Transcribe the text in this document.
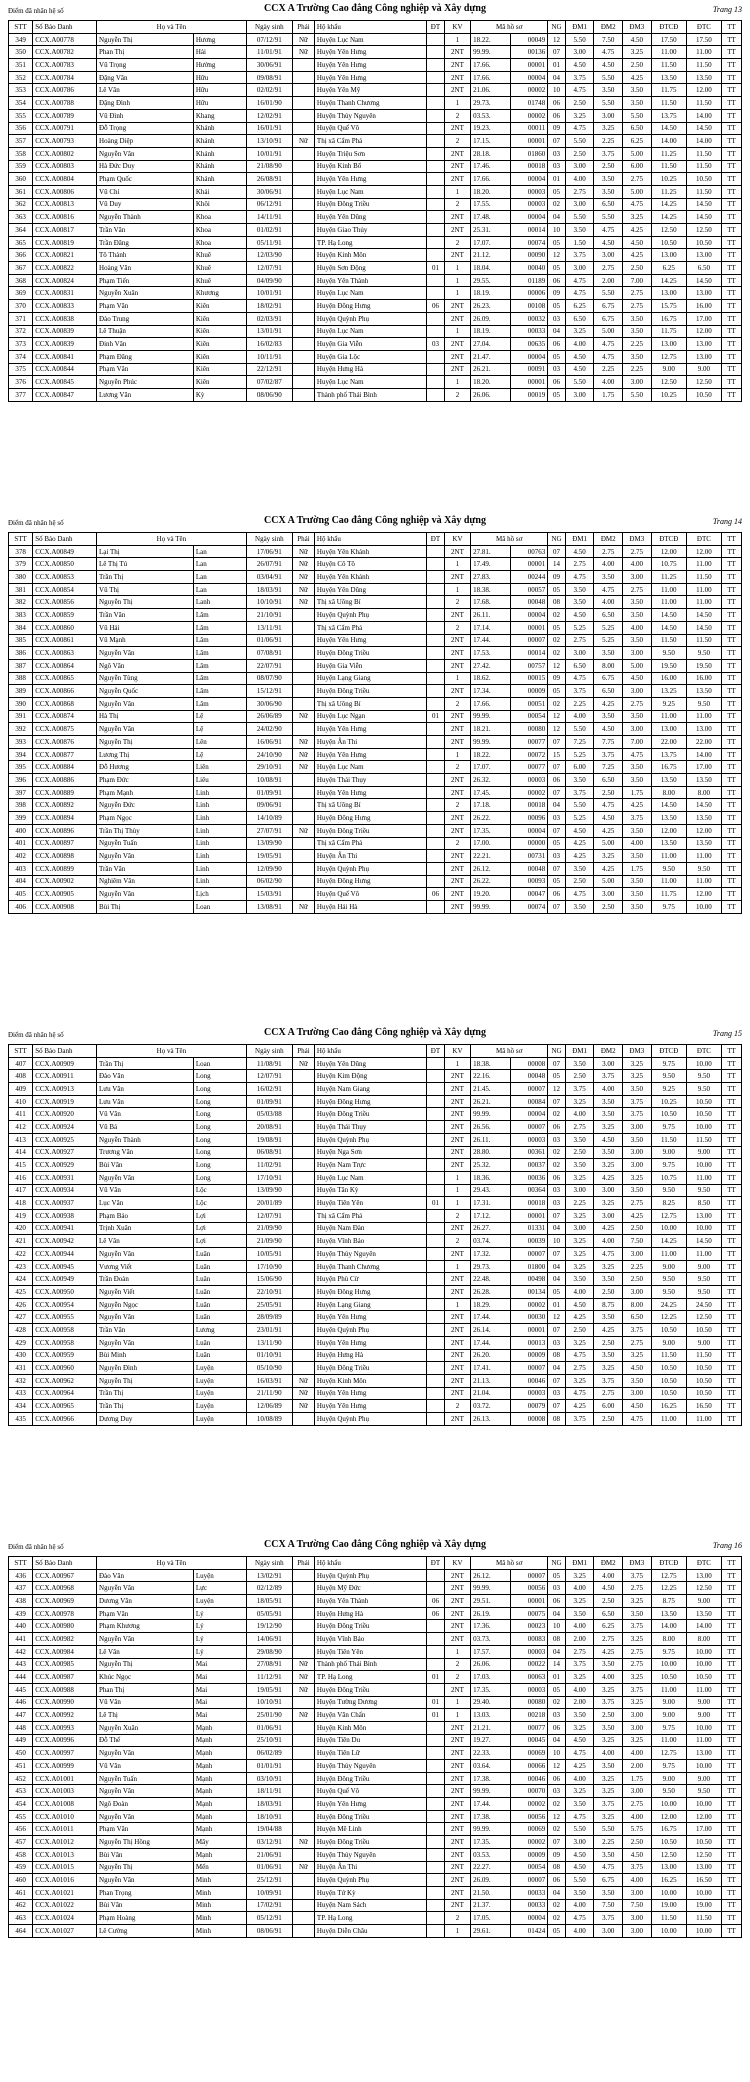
Điểm đã nhân hệ số	CCX A Trường Cao đẳng Công nghiệp và Xây dựng	Trang 13
STT	Số Báo Danh	Họ và Tên		Ngày sinh	Phái	Hộ khẩu	ĐT	KV	Mã hồ sơ		NG	ĐM1	ĐM2	ĐM3	ĐTCĐ	ĐTC	TT
349	CCX.A00778	Nguyễn Thị	Hương	07/12/91	Nữ	Huyện Lục Nam		1	18.22.	00049	12	5.50	7.50	4.50	17.50	17.50	TT
350	CCX.A00782	Phan Thị	Hải	11/01/91	Nữ	Huyện Yên Hưng		2NT	99.99.	00136	07	3.00	4.75	3.25	11.00	11.00	TT
351	CCX.A00783	Vũ Trọng	Hưởng	30/06/91		Huyện Yên Hưng		2NT	17.66.	00001	01	4.50	4.50	2.50	11.50	11.50	TT
352	CCX.A00784	Đặng Văn	Hữu	09/08/91		Huyện Yên Hưng		2NT	17.66.	00004	04	3.75	5.50	4.25	13.50	13.50	TT
353	CCX.A00786	Lê Văn	Hữu	02/02/91		Huyện Yên Mỹ		2NT	21.06.	00002	10	4.75	3.50	3.50	11.75	12.00	TT
354	CCX.A00788	Đặng Đình	Hữu	16/01/90		Huyện Thanh Chương		1	29.73.	01748	06	2.50	5.50	3.50	11.50	11.50	TT
355	CCX.A00789	Vũ Đình	Khang	12/02/91		Huyện Thủy Nguyên		2	03.53.	00002	06	3.25	3.00	5.50	13.75	14.00	TT
356	CCX.A00791	Đỗ Trọng	Khánh	16/01/91		Huyện Quế Võ		2NT	19.23.	00011	09	4.75	3.25	6.50	14.50	14.50	TT
357	CCX.A00793	Hoàng Diệp	Khánh	13/10/91	Nữ	Thị xã Cẩm Phả		2	17.15.	00001	07	5.50	2.25	6.25	14.00	14.00	TT
358	CCX.A00802	Nguyễn Văn	Khánh	10/01/91		Huyện Triệu Sơn		2NT	28.18.	01860	03	2.50	3.75	5.00	11.25	11.50	TT
359	CCX.A00803	Hà Đức Duy	Khánh	21/08/90		Huyện Kinh Bổ		2NT	17.46.	00018	03	3.00	2.50	6.00	11.50	11.50	TT
360	CCX.A00804	Phạm Quốc	Khánh	26/08/91		Huyện Yên Hưng		2NT	17.66.	00004	01	4.00	3.50	2.75	10.25	10.50	TT
361	CCX.A00806	Vũ Chí	Khải	30/06/91		Huyện Lục Nam		1	18.20.	00003	05	2.75	3.50	5.00	11.25	11.50	TT
362	CCX.A00813	Vũ Duy	Khôi	06/12/91		Huyện Đông Triều		2	17.55.	00003	02	3.00	6.50	4.75	14.25	14.50	TT
363	CCX.A00816	Nguyễn Thành	Khoa	14/11/91		Huyện Yên Dũng		2NT	17.48.	00004	04	5.50	5.50	3.25	14.25	14.50	TT
364	CCX.A00817	Trần Văn	Khoa	01/02/91		Huyện Giao Thủy		2NT	25.31.	00014	10	3.50	4.75	4.25	12.50	12.50	TT
365	CCX.A00819	Trần Đăng	Khoa	05/11/91		TP. Hạ Long		2	17.07.	00074	05	1.50	4.50	4.50	10.50	10.50	TT
366	CCX.A00821	Tô Thành	Khuê	12/03/90		Huyện Kinh Môn		2NT	21.12.	00090	12	3.75	3.00	4.25	13.00	13.00	TT
367	CCX.A00822	Hoàng Văn	Khuê	12/07/91		Huyện Sơn Động	01	1	18.04.	00040	05	3.00	2.75	2.50	6.25	6.50	TT
368	CCX.A00824	Phạm Tiến	Khuê	04/09/90		Huyện Yên Thành		1	29.55.	01189	06	4.75	2.00	7.00	14.25	14.50	TT
369	CCX.A00831	Nguyễn Xuân	Khương	10/01/91		Huyện Lục Nam		1	18.19.	00006	09	4.75	5.50	2.75	13.00	13.00	TT
370	CCX.A00833	Phạm Văn	Kiên	18/02/91		Huyện Đông Hưng	06	2NT	26.23.	00108	05	6.25	6.75	2.75	15.75	16.00	TT
371	CCX.A00838	Đào Trung	Kiên	02/03/91		Huyện Quỳnh Phụ		2NT	26.09.	00032	03	6.50	6.75	3.50	16.75	17.00	TT
372	CCX.A00839	Lê Thuận	Kiên	13/01/91		Huyện Lục Nam		1	18.19.	00033	04	3.25	5.00	3.50	11.75	12.00	TT
373	CCX.A00839	Đinh Văn	Kiên	16/02/83		Huyện Gia Viễn	03	2NT	27.04.	00635	06	4.00	4.75	2.25	13.00	13.00	TT
374	CCX.A00841	Phạm Đăng	Kiên	10/11/91		Huyện Gia Lộc		2NT	21.47.	00004	05	4.50	4.75	3.50	12.75	13.00	TT
375	CCX.A00844	Phạm Văn	Kiên	22/12/91		Huyện Hưng Hà		2NT	26.21.	00091	03	4.50	2.25	2.25	9.00	9.00	TT
376	CCX.A00845	Nguyễn Phúc	Kiên	07/02/87		Huyện Lục Nam		1	18.20.	00001	06	5.50	4.00	3.00	12.50	12.50	TT
377	CCX.A00847	Lương Văn	Kỳ	08/06/90		Thành phố Thái Bình		2	26.06.	00019	05	3.00	1.75	5.50	10.25	10.50	TT
Điểm đã nhân hệ số	CCX A Trường Cao đẳng Công nghiệp và Xây dựng	Trang 14
STT	Số Báo Danh	Họ và Tên		Ngày sinh	Phái	Hộ khẩu	ĐT	KV	Mã hồ sơ		NG	ĐM1	ĐM2	ĐM3	ĐTCĐ	ĐTC	TT
378	CCX.A00849	Lại Thị	Lan	17/06/91	Nữ	Huyện Yên Khánh		2NT	27.81.	00763	07	4.50	2.75	2.75	12.00	12.00	TT
379	CCX.A00850	Lê Thị Tú	Lan	26/07/91	Nữ	Huyện Cô Tô		1	17.49.	00001	14	2.75	4.00	4.00	10.75	11.00	TT
380	CCX.A00853	Trần Thị	Lan	03/04/91	Nữ	Huyện Yên Khánh		2NT	27.83.	00244	09	4.75	3.50	3.00	11.25	11.50	TT
381	CCX.A00854	Vũ Thị	Lan	18/03/91	Nữ	Huyện Yên Dũng		1	18.38.	00057	05	3.50	4.75	2.75	11.00	11.00	TT
382	CCX.A00856	Nguyễn Thị	Lanh	10/10/91	Nữ	Thị xã Uông Bí		2	17.68.	00048	08	3.50	4.00	3.50	11.00	11.00	TT
383	CCX.A00859	Trần Văn	Lâm	21/10/91		Huyện Quỳnh Phụ		2NT	26.11.	00004	02	4.50	6.50	3.50	14.50	14.50	TT
384	CCX.A00860	Vũ Hải	Lâm	13/11/91		Thị xã Cẩm Phả		2	17.14.	00001	05	5.25	5.25	4.00	14.50	14.50	TT
385	CCX.A00861	Vũ Mạnh	Lâm	01/06/91		Huyện Yên Hưng		2NT	17.44.	00007	02	2.75	5.25	3.50	11.50	11.50	TT
386	CCX.A00863	Nguyễn Văn	Lâm	07/08/91		Huyện Đông Triều		2NT	17.53.	00014	02	3.00	3.50	3.00	9.50	9.50	TT
387	CCX.A00864	Ngô Văn	Lâm	22/07/91		Huyện Gia Viễn		2NT	27.42.	00757	12	6.50	8.00	5.00	19.50	19.50	TT
388	CCX.A00865	Nguyễn Tùng	Lâm	08/07/90		Huyện Lạng Giang		1	18.62.	00015	09	4.75	6.75	4.50	16.00	16.00	TT
389	CCX.A00866	Nguyễn Quốc	Lâm	15/12/91		Huyện Đông Triều		2NT	17.34.	00009	05	3.75	6.50	3.00	13.25	13.50	TT
390	CCX.A00868	Nguyễn Văn	Lâm	30/06/90		Thị xã Uông Bí		2	17.66.	00051	02	2.25	4.25	2.75	9.25	9.50	TT
391	CCX.A00874	Hà Thị	Lệ	26/06/89	Nữ	Huyện Lục Ngạn	01	2NT	99.99.	00054	12	4.00	3.50	3.50	11.00	11.00	TT
392	CCX.A00875	Nguyễn Văn	Lệ	24/02/90		Huyện Yên Hưng		2NT	18.21.	00080	12	5.50	4.50	3.00	13.00	13.00	TT
393	CCX.A00876	Nguyễn Thị	Lên	16/06/91	Nữ	Huyện Ân Thi		2NT	99.99.	00077	07	7.25	7.75	7.00	22.00	22.00	TT
394	CCX.A00877	Lương Thị	Lệ	24/10/90	Nữ	Huyện Yên Hưng		1	18.22.	00072	15	5.25	3.75	4.75	13.75	14.00	TT
395	CCX.A00884	Đỗ Hương	Liên	29/10/91	Nữ	Huyện Lục Nam		2	17.07.	00077	07	6.00	7.25	3.50	16.75	17.00	TT
396	CCX.A00886	Phạm Đức	Liêu	10/08/91		Huyện Thái Thụy		2NT	26.32.	00003	06	3.50	6.50	3.50	13.50	13.50	TT
397	CCX.A00889	Phạm Mạnh	Linh	01/09/91		Huyện Yên Hưng		2NT	17.45.	00002	07	3.75	2.50	1.75	8.00	8.00	TT
398	CCX.A00892	Nguyễn Đức	Linh	09/06/91		Thị xã Uông Bí		2	17.18.	00018	04	5.50	4.75	4.25	14.50	14.50	TT
399	CCX.A00894	Phạm Ngọc	Linh	14/10/89		Huyện Đông Hưng		2NT	26.22.	00096	03	5.25	4.50	3.75	13.50	13.50	TT
400	CCX.A00896	Trần Thị Thùy	Linh	27/07/91	Nữ	Huyện Đông Triều		2NT	17.35.	00004	07	4.50	4.25	3.50	12.00	12.00	TT
401	CCX.A00897	Nguyễn Tuấn	Linh	13/09/90		Thị xã Cẩm Phả		2	17.00.	00000	05	4.25	5.00	4.00	13.50	13.50	TT
402	CCX.A00898	Nguyễn Văn	Linh	19/05/91		Huyện Ân Thi		2NT	22.21.	00731	03	4.25	3.25	3.50	11.00	11.00	TT
403	CCX.A00899	Trần Văn	Linh	12/09/90		Huyện Quỳnh Phụ		2NT	26.12.	00048	07	3.50	4.25	1.75	9.50	9.50	TT
404	CCX.A00902	Nghiêm Văn	Linh	06/02/90		Huyện Đông Hưng		2NT	26.22.	00093	05	2.50	5.00	3.50	11.00	11.00	TT
405	CCX.A00905	Nguyễn Văn	Lịch	15/03/91		Huyện Quế Võ	06	2NT	19.20.	00047	06	4.75	3.00	3.50	11.75	12.00	TT
406	CCX.A00908	Bùi Thị	Loan	13/08/91	Nữ	Huyện Hải Hà		2NT	99.99.	00074	07	3.50	2.50	3.50	9.75	10.00	TT
Điểm đã nhân hệ số	CCX A Trường Cao đẳng Công nghiệp và Xây dựng	Trang 15
STT	Số Báo Danh	Họ và Tên		Ngày sinh	Phái	Hộ khẩu	ĐT	KV	Mã hồ sơ		NG	ĐM1	ĐM2	ĐM3	ĐTCĐ	ĐTC	TT
407	CCX.A00909	Trần Thị	Loan	11/08/91	Nữ	Huyện Yên Dũng		1	18.38.	00008	07	3.50	3.00	3.25	9.75	10.00	TT
408	CCX.A00911	Đào Văn	Long	12/07/91		Huyện Kim Động		2NT	22.16.	00048	05	2.50	3.75	3.25	9.50	9.50	TT
409	CCX.A00913	Lưu Văn	Long	16/02/91		Huyện Nam Giang		2NT	21.45.	00007	12	3.75	4.00	3.50	9.25	9.50	TT
410	CCX.A00919	Lưu Văn	Long	01/09/91		Huyện Đông Hưng		2NT	26.21.	00084	07	3.25	3.50	3.75	10.25	10.50	TT
411	CCX.A00920	Vũ Văn	Long	05/03/88		Huyện Đông Triều		2NT	99.99.	00004	02	4.00	3.50	3.75	10.50	10.50	TT
412	CCX.A00924	Vũ Bá	Long	20/08/91		Huyện Thái Thụy		2NT	26.56.	00007	06	2.75	3.25	3.00	9.75	10.00	TT
413	CCX.A00925	Nguyễn Thành	Long	19/08/91		Huyện Quỳnh Phụ		2NT	26.11.	00003	03	3.50	4.50	3.50	11.50	11.50	TT
414	CCX.A00927	Trương Văn	Long	06/08/91		Huyện Nga Sơn		2NT	28.80.	00361	02	2.50	3.50	3.00	9.00	9.00	TT
415	CCX.A00929	Bùi Văn	Long	11/02/91		Huyện Nam Trực		2NT	25.32.	00037	02	3.50	3.25	3.00	9.75	10.00	TT
416	CCX.A00931	Nguyễn Văn	Long	17/10/91		Huyện Lục Nam		1	18.36.	00036	06	3.25	4.25	3.25	10.75	11.00	TT
417	CCX.A00934	Vũ Văn	Lộc	13/09/90		Huyện Tân Kỳ		1	29.43.	00364	03	3.00	3.00	3.50	9.50	9.50	TT
418	CCX.A00937	Lục Văn	Lộc	20/01/89		Huyện Tiên Yên	01	1	17.31.	00018	03	2.25	3.25	2.75	8.25	8.50	TT
419	CCX.A00938	Phạm Bảo	Lợi	12/07/91		Thị xã Cẩm Phả		2	17.12.	00001	07	3.25	3.00	4.25	12.75	13.00	TT
420	CCX.A00941	Trịnh Xuân	Lợi	21/09/90		Huyện Nam Đàn		2NT	26.27.	01331	04	3.00	4.25	2.50	10.00	10.00	TT
421	CCX.A00942	Lê Văn	Lợi	21/09/90		Huyện Vĩnh Bảo		2	03.74.	00039	10	3.25	4.00	7.50	14.25	14.50	TT
422	CCX.A00944	Nguyễn Văn	Luân	10/05/91		Huyện Thủy Nguyên		2NT	17.32.	00007	07	3.25	4.75	3.00	11.00	11.00	TT
423	CCX.A00945	Vương Viết	Luân	17/10/90		Huyện Thanh Chương		1	29.73.	01800	04	3.25	3.25	2.25	9.00	9.00	TT
424	CCX.A00949	Trần Đoàn	Luân	15/06/90		Huyện Phù Cừ		2NT	22.48.	00498	04	3.50	3.50	2.50	9.50	9.50	TT
425	CCX.A00950	Nguyễn Viết	Luân	22/10/91		Huyện Đông Hưng		2NT	26.28.	00134	05	4.00	2.50	3.00	9.50	9.50	TT
426	CCX.A00954	Nguyễn Ngọc	Luân	25/05/91		Huyện Lạng Giang		1	18.29.	00002	01	4.50	8.75	8.00	24.25	24.50	TT
427	CCX.A00955	Nguyễn Văn	Luân	28/09/89		Huyện Yên Hưng		2NT	17.44.	00030	12	4.25	3.50	6.50	12.25	12.50	TT
428	CCX.A00958	Trần Văn	Lương	23/01/91		Huyện Quỳnh Phụ		2NT	26.14.	00001	07	2.50	4.25	3.75	10.50	10.50	TT
429	CCX.A00958	Nguyễn Văn	Luân	13/11/90		Huyện Yên Hưng		2NT	17.44.	00013	03	3.25	2.50	2.75	9.00	9.00	TT
430	CCX.A00959	Bùi Minh	Luân	01/10/91		Huyện Hưng Hà		2NT	26.20.	00009	08	4.75	3.50	3.25	11.50	11.50	TT
431	CCX.A00960	Nguyễn Đình	Luyện	05/10/90		Huyện Đông Triều		2NT	17.41.	00007	04	2.75	3.25	4.50	10.50	10.50	TT
432	CCX.A00962	Nguyễn Thị	Luyện	16/03/91	Nữ	Huyện Kinh Môn		2NT	21.13.	00046	07	3.25	3.75	3.50	10.50	10.50	TT
433	CCX.A00964	Trần Thị	Luyện	21/11/90	Nữ	Huyện Yên Hưng		2NT	21.04.	00003	03	4.75	2.75	3.00	10.50	10.50	TT
434	CCX.A00965	Trần Thị	Luyện	12/06/89	Nữ	Huyện Yên Hưng		2	03.72.	00079	07	4.25	6.00	4.50	16.25	16.50	TT
435	CCX.A00966	Dương Duy	Luyện	10/08/89		Huyện Quỳnh Phụ		2NT	26.13.	00008	08	3.75	2.50	4.75	11.00	11.00	TT
Điểm đã nhân hệ số	CCX A Trường Cao đẳng Công nghiệp và Xây dựng	Trang 16
STT	Số Báo Danh	Họ và Tên		Ngày sinh	Phái	Hộ khẩu	ĐT	KV	Mã hồ sơ		NG	ĐM1	ĐM2	ĐM3	ĐTCĐ	ĐTC	TT
436	CCX.A00967	Đào Văn	Luyện	13/02/91		Huyện Quỳnh Phụ		2NT	26.12.	00007	05	3.25	4.00	3.75	12.75	13.00	TT
437	CCX.A00968	Nguyễn Văn	Lực	02/12/89		Huyện Mỹ Đức		2NT	99.99.	00056	03	4.00	4.50	2.75	12.25	12.50	TT
438	CCX.A00969	Dương Văn	Luyện	18/05/91		Huyện Yên Thành	06	2NT	29.51.	00001	06	3.25	2.50	3.25	8.75	9.00	TT
439	CCX.A00978	Phạm Văn	Lý	05/05/91		Huyện Hưng Hà	06	2NT	26.19.	00075	04	3.50	6.50	3.50	13.50	13.50	TT
440	CCX.A00980	Phạm Khương	Lý	19/12/90		Huyện Đông Triều		2NT	17.36.	00023	10	4.00	6.25	3.75	14.00	14.00	TT
441	CCX.A00982	Nguyễn Văn	Lý	14/06/91		Huyện Vĩnh Bảo		2NT	03.73.	00083	08	2.00	2.75	3.25	8.00	8.00	TT
442	CCX.A00984	Lê Văn	Lý	29/08/90		Huyện Tiên Yên		1	17.57.	00003	04	2.75	4.25	2.75	9.75	10.00	TT
443	CCX.A00985	Nguyễn Thị	Mai	27/08/91	Nữ	Thành phố Thái Bình		2	26.06.	00022	14	3.75	3.50	2.75	10.00	10.00	TT
444	CCX.A00987	Khúc Ngọc	Mai	11/12/91	Nữ	TP. Hạ Long	01	2	17.03.	00063	01	3.25	4.00	3.25	10.50	10.50	TT
445	CCX.A00988	Phan Thị	Mai	19/05/91	Nữ	Huyện Đông Triều		2NT	17.35.	00003	05	4.00	3.25	3.75	11.00	11.00	TT
446	CCX.A00990	Vũ Văn	Mai	10/10/91		Huyện Tường Dương	01	1	29.40.	00080	02	2.00	3.75	3.25	9.00	9.00	TT
447	CCX.A00992	Lê Thị	Mai	25/01/90	Nữ	Huyện Văn Chấn	01	1	13.03.	00218	03	3.50	2.50	3.00	9.00	9.00	TT
448	CCX.A00993	Nguyễn Xuân	Mạnh	01/06/91		Huyện Kinh Môn		2NT	21.21.	00077	06	3.25	3.50	3.00	9.75	10.00	TT
449	CCX.A00996	Đỗ Thế	Mạnh	25/10/91		Huyện Tiên Du		2NT	19.27.	00045	04	4.50	3.25	3.25	11.00	11.00	TT
450	CCX.A00997	Nguyễn Văn	Mạnh	06/02/89		Huyện Tiên Lữ		2NT	22.33.	00069	10	4.75	4.00	4.00	12.75	13.00	TT
451	CCX.A00999	Vũ Văn	Mạnh	01/01/91		Huyện Thủy Nguyên		2NT	03.64.	00066	12	4.25	3.50	2.00	9.75	10.00	TT
452	CCX.A01001	Nguyễn Tuấn	Mạnh	03/10/91		Huyện Đông Triều		2NT	17.38.	00046	06	4.00	3.25	1.75	9.00	9.00	TT
453	CCX.A01003	Nguyễn Văn	Mạnh	18/11/91		Huyện Quế Võ		2NT	99.99.	00070	03	3.25	3.25	3.00	9.50	9.50	TT
454	CCX.A01008	Ngô Đoàn	Mạnh	18/03/91		Huyện Yên Hưng		2NT	17.44.	00002	02	3.50	3.75	2.75	10.00	10.00	TT
455	CCX.A01010	Nguyễn Văn	Mạnh	18/10/91		Huyện Đông Triều		2NT	17.38.	00056	12	4.75	3.25	4.00	12.00	12.00	TT
456	CCX.A01011	Phạm Văn	Mạnh	19/04/88		Huyện Mê Linh		2NT	99.99.	00069	02	5.50	5.50	5.75	16.75	17.00	TT
457	CCX.A01012	Nguyễn Thị Hồng	Mây	03/12/91	Nữ	Huyện Đông Triều		2NT	17.35.	00002	07	3.00	2.25	2.50	10.50	10.50	TT
458	CCX.A01013	Bùi Văn	Mạnh	21/06/91		Huyện Thủy Nguyên		2NT	03.53.	00009	09	4.50	3.50	4.50	12.50	12.50	TT
459	CCX.A01015	Nguyễn Thị	Mến	01/06/91	Nữ	Huyện Ân Thi		2NT	22.27.	00054	08	4.50	4.75	3.75	13.00	13.00	TT
460	CCX.A01016	Nguyễn Văn	Minh	25/12/91		Huyện Quỳnh Phụ		2NT	26.09.	00007	06	5.50	6.75	4.00	16.25	16.50	TT
461	CCX.A01021	Phan Trọng	Minh	10/09/91		Huyện Tứ Kỳ		2NT	21.50.	00033	04	3.50	3.50	3.00	10.00	10.00	TT
462	CCX.A01022	Bùi Văn	Minh	17/02/91		Huyện Nam Sách		2NT	21.37.	00033	02	4.00	7.50	7.50	19.00	19.00	TT
463	CCX.A01024	Phạm Hoàng	Minh	05/12/91		TP. Hạ Long		2	17.05.	00004	02	4.75	3.75	3.00	11.50	11.50	TT
464	CCX.A01027	Lê Cường	Minh	08/06/91		Huyện Diễn Châu		1	29.61.	01424	05	4.00	3.00	3.00	10.00	10.00	TT
